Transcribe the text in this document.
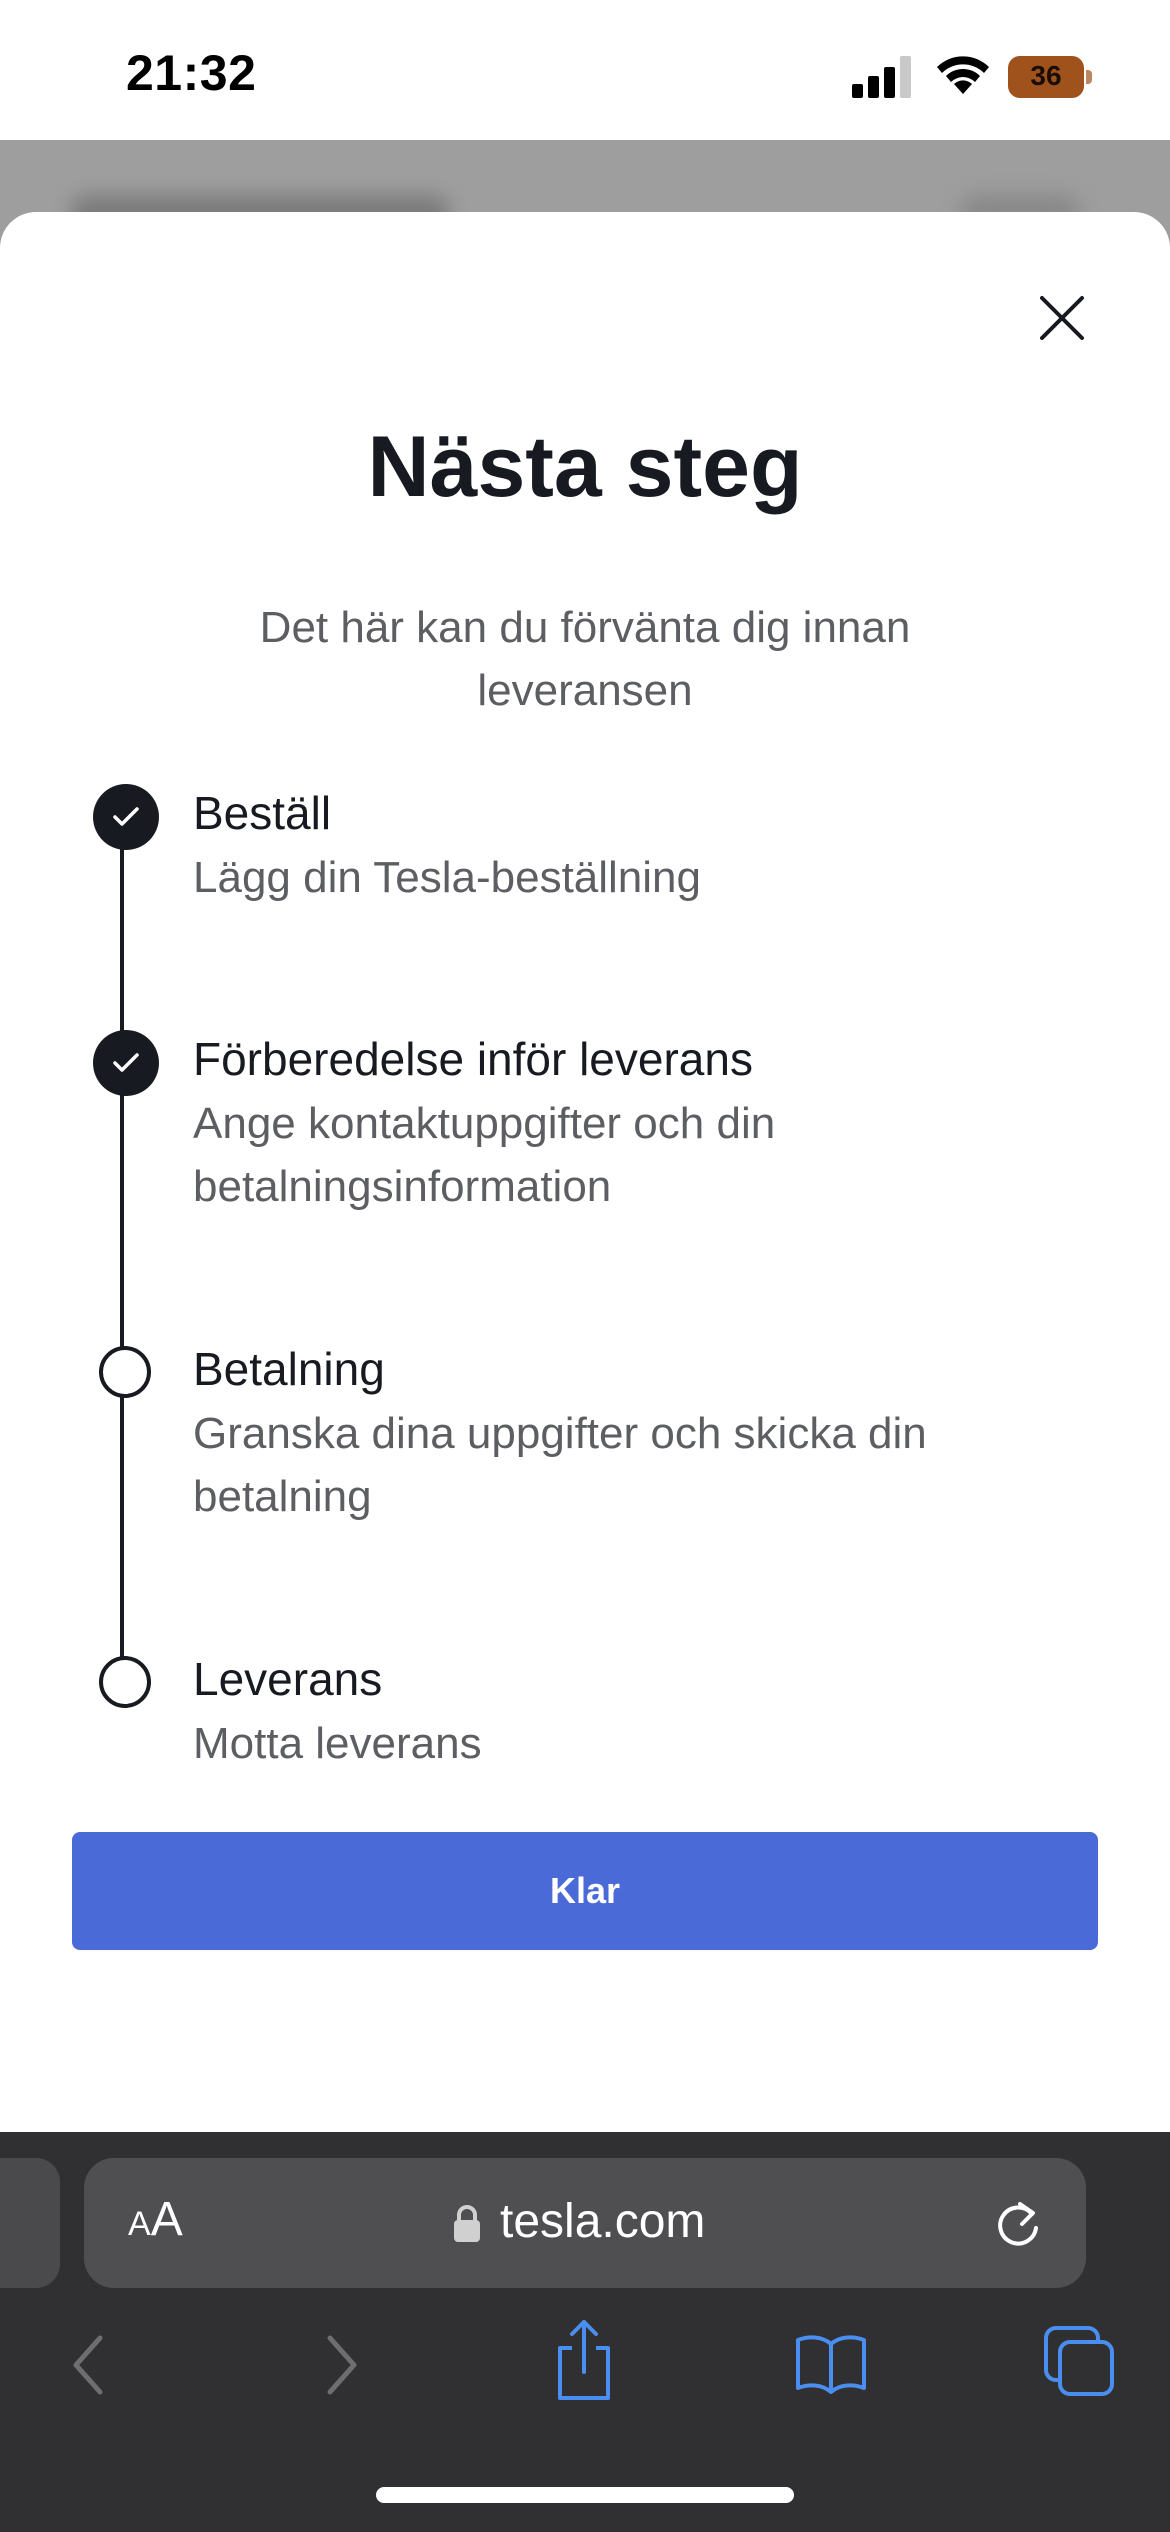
21:32	36
Nästa steg
Det här kan du förvänta dig innan leveransen
Beställ
Lägg din Tesla-beställning
Förberedelse inför leverans
Ange kontaktuppgifter och din betalningsinformation
Betalning
Granska dina uppgifter och skicka din betalning
Leverans
Motta leverans
Klar
AA	tesla.com
